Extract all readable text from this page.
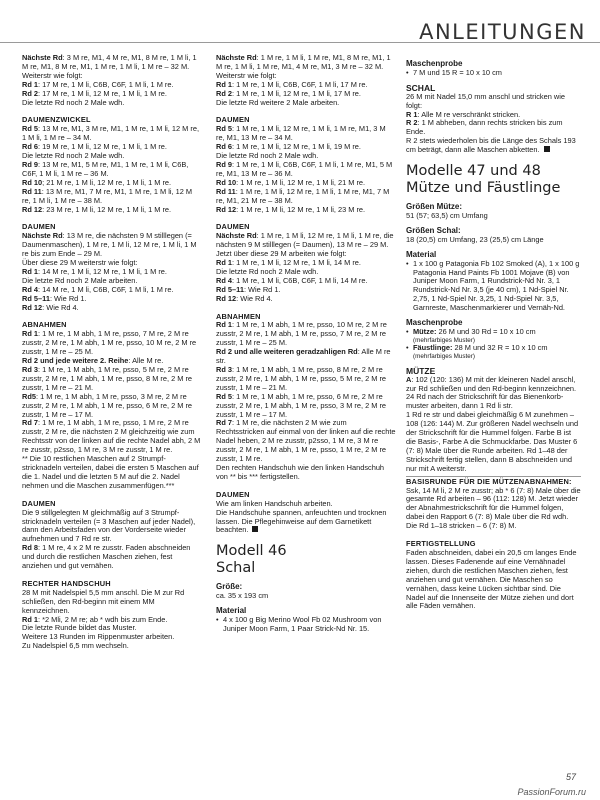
ANLEITUNGEN
Nächste Rd: 3 M re, M1, 4 M re, M1, 8 M re, 1 M li, 1 M re, M1, 8 M re, M1, 1 M re, 1 M li, 1 M re – 32 M.
Weiterstr wie folgt:
Rd 1: 17 M re, 1 M li, C6B, C6F, 1 M li, 1 M re.
Rd 2: 17 M re, 1 M li, 12 M re, 1 M li, 1 M re.
Die letzte Rd noch 2 Male wdh.
DAUMENZWICKEL
Rd 5: 13 M re, M1, 3 M re, M1, 1 M re, 1 M li, 12 M re, 1 M li, 1 M re – 34 M.
Rd 6: 19 M re, 1 M li, 12 M re, 1 M li, 1 M re.
Die letzte Rd noch 2 Male wdh.
Rd 9: 13 M re, M1, 5 M re, M1, 1 M re, 1 M li, C6B, C6F, 1 M li, 1 M re – 36 M.
Rd 10; 21 M re, 1 M li, 12 M re, 1 M li, 1 M re.
Rd 11: 13 M re, M1, 7 M re, M1, 1 M re, 1 M li, 12 M re, 1 M li, 1 M re – 38 M.
Rd 12: 23 M re, 1 M li, 12 M re, 1 M li, 1 M re.
DAUMEN
Nächste Rd: 13 M re, die nächsten 9 M stilllegen (= Daumenmaschen), 1 M re, 1 M li, 12 M re, 1 M li, 1 M re bis zum Ende – 29 M.
Über diese 29 M weiterstr wie folgt:
Rd 1: 14 M re, 1 M li, 12 M re, 1 M li, 1 M re.
Die letzte Rd noch 2 Male arbeiten.
Rd 4: 14 M re, 1 M li, C6B, C6F, 1 M li, 1 M re.
Rd 5–11: Wie Rd 1.
Rd 12: Wie Rd 4.
ABNAHMEN
Rd 1: 1 M re, 1 M abh, 1 M re, psso, 7 M re, 2 M re zusstr, 2 M re, 1 M abh, 1 M re, psso, 10 M re, 2 M re zusstr, 1 M re – 25 M.
Rd 2 und jede weitere 2. Reihe: Alle M re.
Rd 3: 1 M re, 1 M abh, 1 M re, psso, 5 M re, 2 M re zusstr, 2 M re, 1 M abh, 1 M re, psso, 8 M re, 2 M re zusstr, 1 M re – 21 M.
Rd5: 1 M re, 1 M abh, 1 M re, psso, 3 M re, 2 M re zusstr, 2 M re, 1 M abh, 1 M re, psso, 6 M re, 2 M re zusstr, 1 M re – 17 M.
Rd 7: 1 M re, 1 M abh, 1 M re, psso, 1 M re, 2 M re zusstr, 2 M re, die nächsten 2 M gleichzeitig wie zum Rechtsstr von der linken auf die rechte Nadel abh, 2 M re zusstr, p2sso, 1 M re, 3 M re zusstr, 1 M re.
** Die 10 restlichen Maschen auf 2 Strumpfstricknadeln verteilen, dabei die ersten 5 Maschen auf die 1. Nadel und die letzten 5 M auf die 2. Nadel nehmen und die Maschen zusammenfügen.***
DAUMEN
Die 9 stillgelegten M gleichmäßig auf 3 Strumpfstricknadeln verteilen (= 3 Maschen auf jeder Nadel), dann den Arbeitsfaden von der Vorderseite wieder aufnehmen und 7 Rd re str.
Rd 8: 1 M re, 4 x 2 M re zusstr. Faden abschneiden und durch die restlichen Maschen ziehen, fest anziehen und gut vernähen.
RECHTER HANDSCHUH
28 M mit Nadelspiel 5,5 mm anschl. Die M zur Rd schließen, den Rd-beginn mit einem MM kennzeichnen.
Rd 1: *2 Mli, 2 M re; ab * wdh bis zum Ende.
Die letzte Runde bildet das Muster.
Weitere 13 Runden im Rippenmuster arbeiten.
Zu Nadelspiel 6,5 mm wechseln.
Nächste Rd: 1 M re, 1 M li, 1 M re, M1, 8 M re, M1, 1 M re, 1 M li, 1 M re, M1, 4 M re, M1, 3 M re – 32 M.
Weiterstr wie folgt:
Rd 1: 1 M re, 1 M li, C6B, C6F, 1 M li, 17 M re.
Rd 2: 1 M re, 1 M li, 12 M re, 1 M li, 17 M re.
Die letzte Rd weitere 2 Male arbeiten.
DAUMEN
Rd 5: 1 M re, 1 M li, 12 M re, 1 M li, 1 M re, M1, 3 M re, M1, 13 M re – 34 M.
Rd 6: 1 M re, 1 M li, 12 M re, 1 M li, 19 M re.
Die letzte Rd noch 2 Male wdh.
Rd 9: 1 M re, 1 M li, C6B, C6F, 1 M li, 1 M re, M1, 5 M re, M1, 13 M re – 36 M.
Rd 10: 1 M re, 1 M li, 12 M re, 1 M li, 21 M re.
Rd 11: 1 M re, 1 M li, 12 M re, 1 M li, 1 M re, M1, 7 M re, M1, 21 M re – 38 M.
Rd 12: 1 M re, 1 M li, 12 M re, 1 M li, 23 M re.
DAUMEN
Nächste Rd: 1 M re, 1 M li, 12 M re, 1 M li, 1 M re, die nächsten 9 M stilllegen (= Daumen), 13 M re – 29 M.
Jetzt über diese 29 M arbeiten wie folgt:
Rd 1: 1 M re, 1 M li, 12 M re, 1 M li, 14 M re.
Die letzte Rd noch 2 Male wdh.
Rd 4: 1 M re, 1 M li, C6B, C6F, 1 M li, 14 M re.
Rd 5–11: Wie Rd 1.
Rd 12: Wie Rd 4.
ABNAHMEN
Rd 1: 1 M re, 1 M abh, 1 M re, psso, 10 M re, 2 M re zusstr, 2 M re, 1 M abh, 1 M re, psso, 7 M re, 2 M re zusstr, 1 M re – 25 M.
Rd 2 und alle weiteren geradzahligen Rd: Alle M re str.
Rd 3: 1 M re, 1 M abh, 1 M re, psso, 8 M re, 2 M re zusstr, 2 M re, 1 M abh, 1 M re, psso, 5 M re, 2 M re zusstr, 1 M re – 21 M.
Rd 5: 1 M re, 1 M abh, 1 M re, psso, 6 M re, 2 M re zusstr, 2 M re, 1 M abh, 1 M re, psso, 3 M re, 2 M re zusstr, 1 M re – 17 M.
Rd 7: 1 M re, die nächsten 2 M wie zum Rechtsstricken auf einmal von der linken auf die rechte Nadel heben, 2 M re zusstr, p2sso, 1 M re, 3 M re zusstr, 2 M re, 1 M abh, 1 M re, psso, 1 M re, 2 M re zusstr, 1 M re.
Den rechten Handschuh wie den linken Handschuh von ** bis *** fertigstellen.
DAUMEN
Wie am linken Handschuh arbeiten.
Die Handschuhe spannen, anfeuchten und trocknen lassen. Die Pflegehinweise auf dem Garnetikett beachten.
Modell 46
Schal
Größe:
ca. 35 x 193 cm
Material
• 4 x 100 g Big Merino Wool Fb 02 Mushroom von Juniper Moon Farm, 1 Paar Strick-Nd Nr. 15.
Maschenprobe
• 7 M und 15 R = 10 x 10 cm
SCHAL
26 M mit Nadel 15,0 mm anschl und stricken wie folgt:
R 1: Alle M re verschränkt stricken.
R 2: 1 M abheben, dann rechts stricken bis zum Ende.
R 2 stets wiederholen bis die Länge des Schals 193 cm beträgt, dann alle Maschen abketten.
Modelle 47 und 48
Mütze und Fäustlinge
Größen Mütze:
51 (57; 63,5) cm Umfang
Größen Schal:
18 (20,5) cm Umfang, 23 (25,5) cm Länge
Material
• 1 x 100 g Patagonia Fb 102 Smoked (A), 1 x 100 g Patagonia Hand Paints Fb 1001 Mojave (B) von Juniper Moon Farm, 1 Rundstrick-Nd Nr. 3, 1 Rundstrick-Nd Nr. 3,5 (je 40 cm), 1 Nd-Spiel Nr. 2,75, 1 Nd-Spiel Nr. 3,25, 1 Nd-Spiel Nr. 3,5, Garnreste, Maschenmarkierer und Vernäh-Nd.
Maschenprobe
• Mütze: 26 M und 30 Rd = 10 x 10 cm
(mehrfarbiges Muster)
• Fäustlinge: 28 M und 32 R = 10 x 10 cm
(mehrfarbiges Muster)
MÜTZE
A: 102 (120: 136) M mit der kleineren Nadel anschl, zur Rd schließen und den Rd-beginn kennzeichnen.
24 Rd nach der Strickschrift für das Bienenkorbmuster arbeiten, dann 1 Rd li str.
1 Rd re str und dabei gleichmäßig 6 M zunehmen – 108 (126: 144) M. Zur größeren Nadel wechseln und der Strickschrift für die Hummel folgen. Farbe B ist die Basis-, Farbe A die Schmuckfarbe. Das Muster 6 (7: 8) Male über die Runde arbeiten. Rd 1–48 der Strickschrift fertig stellen, dann B abschneiden und nur mit A weiterstr.
BASISRUNDE FÜR DIE MÜTZENABNAHMEN:
Ssk, 14 M li, 2 M re zusstr; ab * 6 (7: 8) Male über die gesamte Rd arbeiten – 96 (112: 128) M. Jetzt wieder der Abnahmestrickschrift für die Hummel folgen, dabei den Rapport 6 (7: 8) Male über die Rd wdh. Die Rd 1–18 stricken – 6 (7: 8) M.
FERTIGSTELLUNG
Faden abschneiden, dabei ein 20,5 cm langes Ende lassen. Dieses Fadenende auf eine Vernähnadel ziehen, durch die restlichen Maschen ziehen, fest anziehen und gut vernähen. Die Maschen so vernähen, dass keine Lücken sichtbar sind. Die Nadel auf die Innenseite der Mütze ziehen und dort alle Fäden vernähen.
57
PassionForum.ru
